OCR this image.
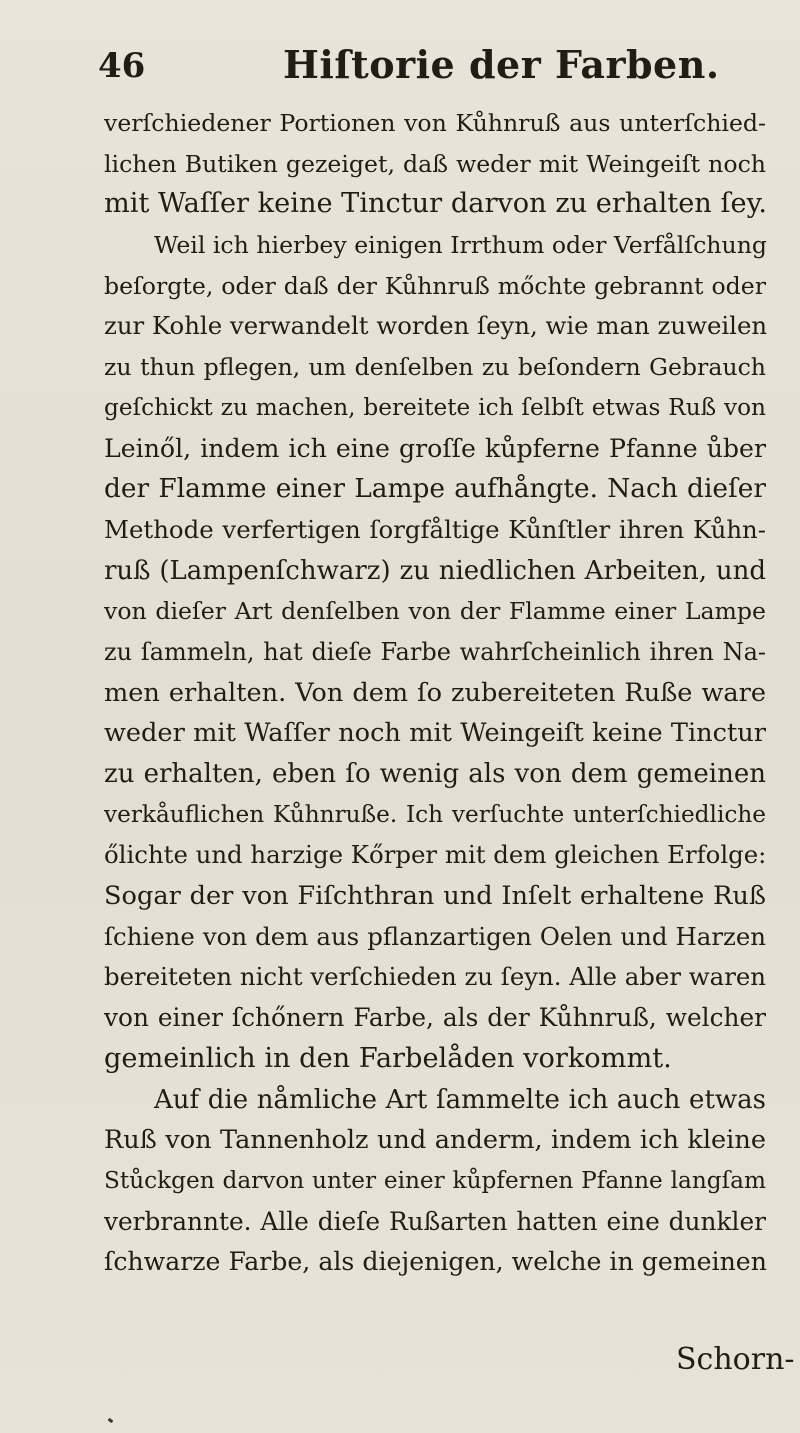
46	Hiſtorie der Farben.
verſchiedener Portionen von Kůhnruß aus unterſchied-
lichen Butiken gezeiget, daß weder mit Weingeiſt noch
mit Waſſer keine Tinctur darvon zu erhalten ſey.
Weil ich hierbey einigen Irrthum oder Verfålſchung
beſorgte, oder daß der Kůhnruß mőchte gebrannt oder
zur Kohle verwandelt worden ſeyn, wie man zuweilen
zu thun pflegen, um denſelben zu beſondern Gebrauch
geſchickt zu machen, bereitete ich ſelbſt etwas Ruß von
Leinől, indem ich eine groſſe kůpferne Pfanne ůber
der Flamme einer Lampe aufhångte. Nach dieſer
Methode verfertigen ſorgfåltige Kůnſtler ihren Kůhn-
ruß (Lampenſchwarz) zu niedlichen Arbeiten, und
von dieſer Art denſelben von der Flamme einer Lampe
zu ſammeln, hat dieſe Farbe wahrſcheinlich ihren Na-
men erhalten. Von dem ſo zubereiteten Ruße ware
weder mit Waſſer noch mit Weingeiſt keine Tinctur
zu erhalten, eben ſo wenig als von dem gemeinen
verkåuflichen Kůhnruße. Ich verſuchte unterſchiedliche
őlichte und harzige Kőrper mit dem gleichen Erfolge:
Sogar der von Fiſchthran und Inſelt erhaltene Ruß
ſchiene von dem aus pflanzartigen Oelen und Harzen
bereiteten nicht verſchieden zu ſeyn. Alle aber waren
von einer ſchőnern Farbe, als der Kůhnruß, welcher
gemeinlich in den Farbelåden vorkommt.
Auf die nåmliche Art ſammelte ich auch etwas
Ruß von Tannenholz und anderm, indem ich kleine
Stůckgen darvon unter einer kůpfernen Pfanne langſam
verbrannte. Alle dieſe Rußarten hatten eine dunkler
ſchwarze Farbe, als diejenigen, welche in gemeinen
Schorn-
